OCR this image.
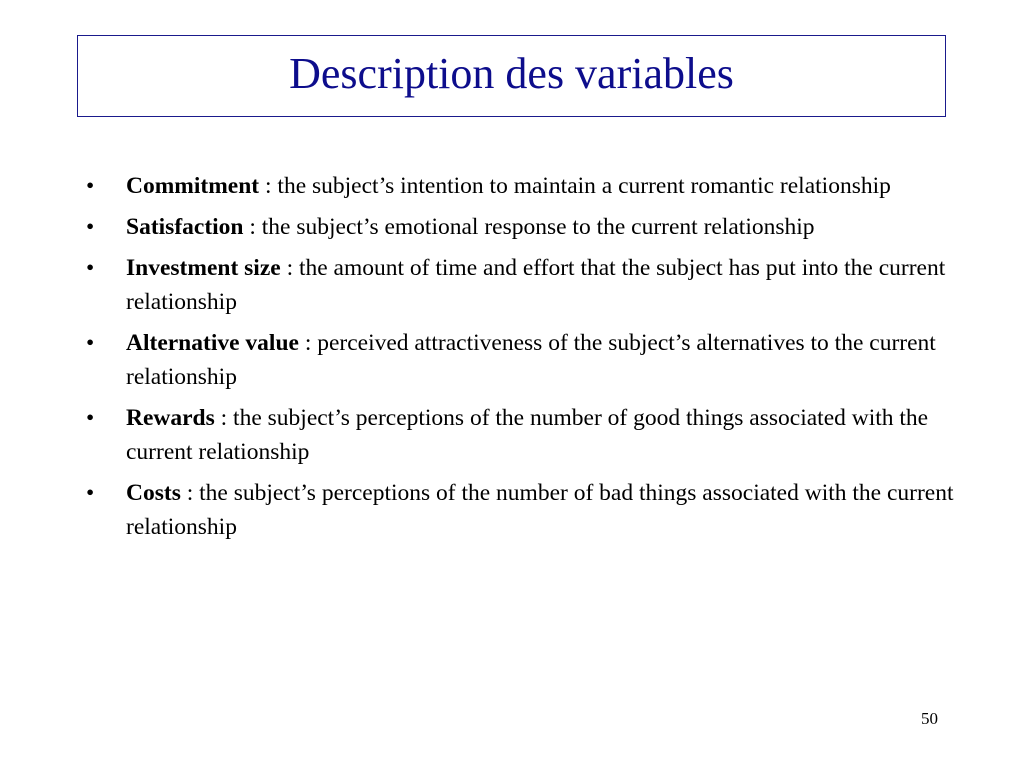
Description des variables
•	Commitment : the subject’s intention to maintain a current romantic relationship
•	Satisfaction : the subject’s emotional response to the current relationship
•	Investment size : the amount of time and effort that the subject has put into the current relationship
•	Alternative value : perceived attractiveness of the subject’s alternatives to the current relationship
•	Rewards : the subject’s perceptions of the number of good things associated with the current relationship
•	Costs : the subject’s perceptions of the number of bad things associated with the current relationship
50
